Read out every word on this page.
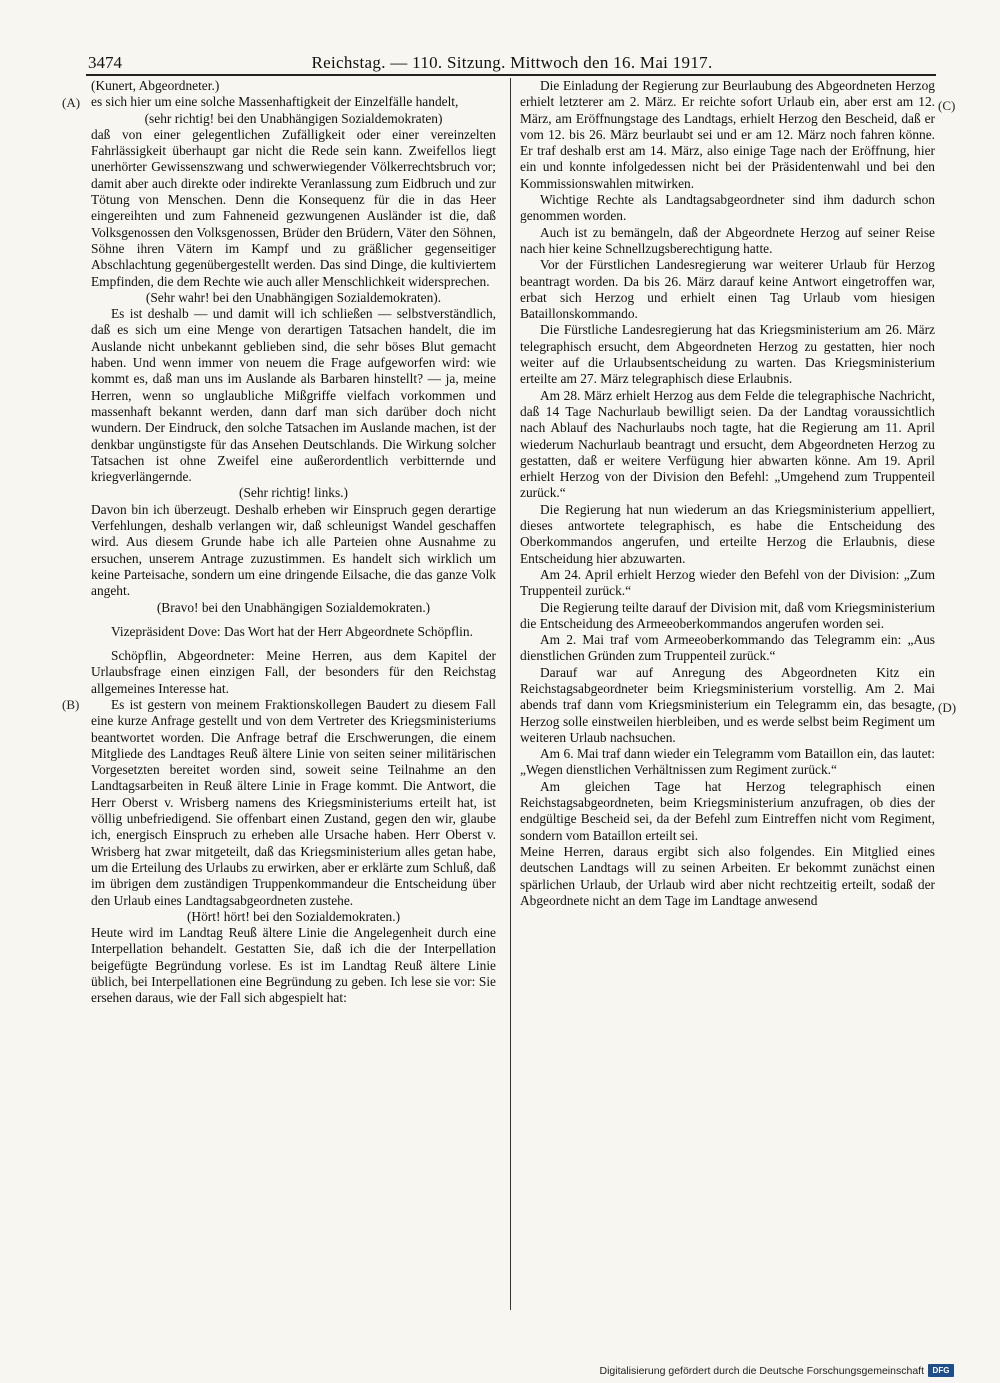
3474	Reichstag. — 110. Sitzung. Mittwoch den 16. Mai 1917.

(Kunert, Abgeordneter.)

es sich hier um eine solche Massenhaftigkeit der Einzelfälle handelt,

(sehr richtig! bei den Unabhängigen Sozialdemokraten)

daß von einer gelegentlichen Zufälligkeit oder einer vereinzelten Fahrlässigkeit überhaupt gar nicht die Rede sein kann. Zweifellos liegt unerhörter Gewissenszwang und schwerwiegender Völkerrechtsbruch vor; damit aber auch direkte oder indirekte Veranlassung zum Eidbruch und zur Tötung von Menschen. Denn die Konsequenz für die in das Heer eingereihten und zum Fahneneid gezwungenen Ausländer ist die, daß Volksgenossen den Volksgenossen, Brüder den Brüdern, Väter den Söhnen, Söhne ihren Vätern im Kampf und zu gräßlicher gegenseitiger Abschlachtung gegenübergestellt werden. Das sind Dinge, die kultiviertem Empfinden, die dem Rechte wie auch aller Menschlichkeit widersprechen.

(Sehr wahr! bei den Unabhängigen Sozialdemokraten).

Es ist deshalb — und damit will ich schließen — selbstverständlich, daß es sich um eine Menge von derartigen Tatsachen handelt, die im Auslande nicht unbekannt geblieben sind, die sehr böses Blut gemacht haben. Und wenn immer von neuem die Frage aufgeworfen wird: wie kommt es, daß man uns im Auslande als Barbaren hinstellt? — ja, meine Herren, wenn so unglaubliche Mißgriffe vielfach vorkommen und massenhaft bekannt werden, dann darf man sich darüber doch nicht wundern. Der Eindruck, den solche Tatsachen im Auslande machen, ist der denkbar ungünstigste für das Ansehen Deutschlands. Die Wirkung solcher Tatsachen ist ohne Zweifel eine außerordentlich verbitternde und kriegverlängernde.

(Sehr richtig! links.)

Davon bin ich überzeugt. Deshalb erheben wir Einspruch gegen derartige Verfehlungen, deshalb verlangen wir, daß schleunigst Wandel geschaffen wird. Aus diesem Grunde habe ich alle Parteien ohne Ausnahme zu ersuchen, unserem Antrage zuzustimmen. Es handelt sich wirklich um keine Parteisache, sondern um eine dringende Eilsache, die das ganze Volk angeht.

(Bravo! bei den Unabhängigen Sozialdemokraten.)

Vizepräsident Dove: Das Wort hat der Herr Abgeordnete Schöpflin.

Schöpflin, Abgeordneter: Meine Herren, aus dem Kapitel der Urlaubsfrage einen einzigen Fall, der besonders für den Reichstag allgemeines Interesse hat.

Es ist gestern von meinem Fraktionskollegen Baudert zu diesem Fall eine kurze Anfrage gestellt und von dem Vertreter des Kriegsministeriums beantwortet worden. Die Anfrage betraf die Erschwerungen, die einem Mitgliede des Landtages Reuß ältere Linie von seiten seiner militärischen Vorgesetzten bereitet worden sind, soweit seine Teilnahme an den Landtagsarbeiten in Reuß ältere Linie in Frage kommt. Die Antwort, die Herr Oberst v. Wrisberg namens des Kriegsministeriums erteilt hat, ist völlig unbefriedigend. Sie offenbart einen Zustand, gegen den wir, glaube ich, energisch Einspruch zu erheben alle Ursache haben. Herr Oberst v. Wrisberg hat zwar mitgeteilt, daß das Kriegsministerium alles getan habe, um die Erteilung des Urlaubs zu erwirken, aber er erklärte zum Schluß, daß im übrigen dem zuständigen Truppenkommandeur die Entscheidung über den Urlaub eines Landtagsabgeordneten zustehe.

(Hört! hört! bei den Sozialdemokraten.)

Heute wird im Landtag Reuß ältere Linie die Angelegenheit durch eine Interpellation behandelt. Gestatten Sie, daß ich die der Interpellation beigefügte Begründung vorlese. Es ist im Landtag Reuß ältere Linie üblich, bei Interpellationen eine Begründung zu geben. Ich lese sie vor: Sie ersehen daraus, wie der Fall sich abgespielt hat:

Die Einladung der Regierung zur Beurlaubung des Abgeordneten Herzog erhielt letzterer am 2. März. Er reichte sofort Urlaub ein, aber erst am 12. März, am Eröffnungstage des Landtags, erhielt Herzog den Bescheid, daß er vom 12. bis 26. März beurlaubt sei und er am 12. März noch fahren könne. Er traf deshalb erst am 14. März, also einige Tage nach der Eröffnung, hier ein und konnte infolgedessen nicht bei der Präsidentenwahl und bei den Kommissionswahlen mitwirken.

Wichtige Rechte als Landtagsabgeordneter sind ihm dadurch schon genommen worden.

Auch ist zu bemängeln, daß der Abgeordnete Herzog auf seiner Reise nach hier keine Schnellzugsberechtigung hatte.

Vor der Fürstlichen Landesregierung war weiterer Urlaub für Herzog beantragt worden. Da bis 26. März darauf keine Antwort eingetroffen war, erbat sich Herzog und erhielt einen Tag Urlaub vom hiesigen Bataillonskommando.

Die Fürstliche Landesregierung hat das Kriegsministerium am 26. März telegraphisch ersucht, dem Abgeordneten Herzog zu gestatten, hier noch weiter auf die Urlaubsentscheidung zu warten. Das Kriegsministerium erteilte am 27. März telegraphisch diese Erlaubnis.

Am 28. März erhielt Herzog aus dem Felde die telegraphische Nachricht, daß 14 Tage Nachurlaub bewilligt seien. Da der Landtag voraussichtlich nach Ablauf des Nachurlaubs noch tagte, hat die Regierung am 11. April wiederum Nachurlaub beantragt und ersucht, dem Abgeordneten Herzog zu gestatten, daß er weitere Verfügung hier abwarten könne. Am 19. April erhielt Herzog von der Division den Befehl: „Umgehend zum Truppenteil zurück.“

Die Regierung hat nun wiederum an das Kriegsministerium appelliert, dieses antwortete telegraphisch, es habe die Entscheidung des Oberkommandos angerufen, und erteilte Herzog die Erlaubnis, diese Entscheidung hier abzuwarten.

Am 24. April erhielt Herzog wieder den Befehl von der Division: „Zum Truppenteil zurück.“

Die Regierung teilte darauf der Division mit, daß vom Kriegsministerium die Entscheidung des Armeeoberkommandos angerufen worden sei.

Am 2. Mai traf vom Armeeoberkommando das Telegramm ein: „Aus dienstlichen Gründen zum Truppenteil zurück.“

Darauf war auf Anregung des Abgeordneten Kitz ein Reichstagsabgeordneter beim Kriegsministerium vorstellig. Am 2. Mai abends traf dann vom Kriegsministerium ein Telegramm ein, das besagte, Herzog solle einstweilen hierbleiben, und es werde selbst beim Regiment um weiteren Urlaub nachsuchen.

Am 6. Mai traf dann wieder ein Telegramm vom Bataillon ein, das lautet: „Wegen dienstlichen Verhältnissen zum Regiment zurück.“

Am gleichen Tage hat Herzog telegraphisch einen Reichstagsabgeordneten, beim Kriegsministerium anzufragen, ob dies der endgültige Bescheid sei, da der Befehl zum Eintreffen nicht vom Regiment, sondern vom Bataillon erteilt sei.

Meine Herren, daraus ergibt sich also folgendes. Ein Mitglied eines deutschen Landtags will zu seinen Arbeiten. Er bekommt zunächst einen spärlichen Urlaub, der Urlaub wird aber nicht rechtzeitig erteilt, sodaß der Abgeordnete nicht an dem Tage im Landtage anwesend

(A)
(B)
(C)
(D)
Digitalisierung gefördert durch die Deutsche Forschungsgemeinschaft	DFG
